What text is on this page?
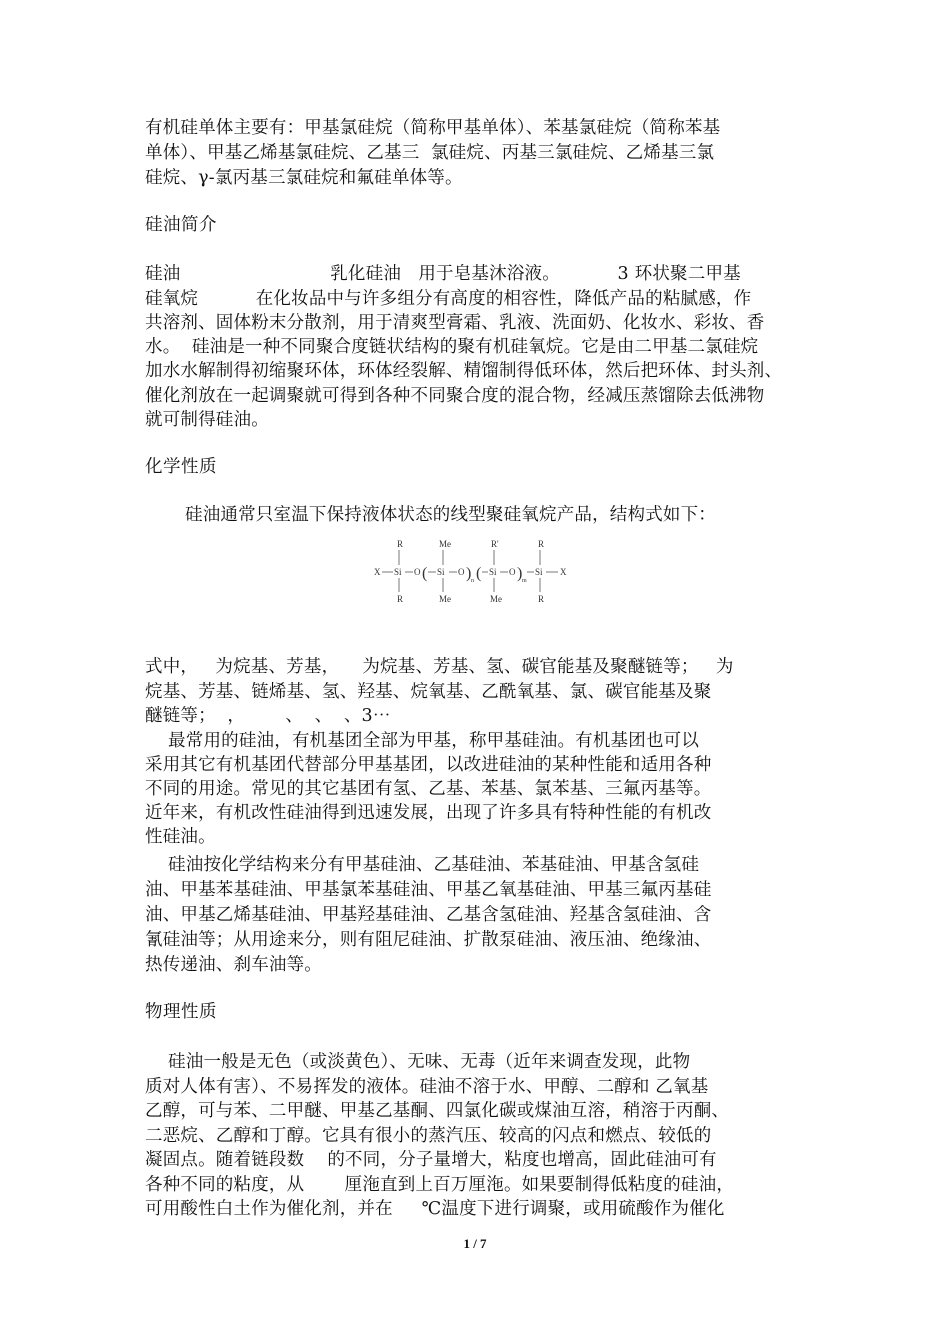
有机硅单体主要有：甲基氯硅烷（简称甲基单体）、苯基氯硅烷（简称苯基
单体）、甲基乙烯基氯硅烷、乙基三  氯硅烷、丙基三氯硅烷、乙烯基三氯
硅烷、γ-氯丙基三氯硅烷和氟硅单体等。
硅油简介
硅油                          乳化硅油   用于皂基沐浴液。          3 环状聚二甲基
硅氧烷          在化妆品中与许多组分有高度的相容性，降低产品的粘腻感，作
共溶剂、固体粉末分散剂，用于清爽型膏霜、乳液、洗面奶、化妆水、彩妆、香
水。  硅油是一种不同聚合度链状结构的聚有机硅氧烷。它是由二甲基二氯硅烷
加水水解制得初缩聚环体，环体经裂解、精馏制得低环体，然后把环体、封头剂、
催化剂放在一起调聚就可得到各种不同聚合度的混合物，经减压蒸馏除去低沸物
就可制得硅油。
化学性质
硅油通常只室温下保持液体状态的线型聚硅氧烷产品，结构式如下：
R	Me	R'	R
X Si O ( Si O ) n ( Si O ) m
Si X
R	Me	Me	R
式中，   为烷基、芳基，    为烷基、芳基、氢、碳官能基及聚醚链等；   为
烷基、芳基、链烯基、氢、羟基、烷氧基、乙酰氧基、氯、碳官能基及聚
醚链等；  ，       、  、  、3⋯
最常用的硅油，有机基团全部为甲基，称甲基硅油。有机基团也可以
采用其它有机基团代替部分甲基基团，以改进硅油的某种性能和适用各种
不同的用途。常见的其它基团有氢、乙基、苯基、氯苯基、三氟丙基等。
近年来，有机改性硅油得到迅速发展，出现了许多具有特种性能的有机改
性硅油。
硅油按化学结构来分有甲基硅油、乙基硅油、苯基硅油、甲基含氢硅
油、甲基苯基硅油、甲基氯苯基硅油、甲基乙氧基硅油、甲基三氟丙基硅
油、甲基乙烯基硅油、甲基羟基硅油、乙基含氢硅油、羟基含氢硅油、含
氰硅油等；从用途来分，则有阻尼硅油、扩散泵硅油、液压油、绝缘油、
热传递油、刹车油等。
物理性质
硅油一般是无色（或淡黄色）、无味、无毒（近年来调查发现，此物
质对人体有害）、不易挥发的液体。硅油不溶于水、甲醇、二醇和 乙氧基
乙醇，可与苯、二甲醚、甲基乙基酮、四氯化碳或煤油互溶，稍溶于丙酮、
二恶烷、乙醇和丁醇。它具有很小的蒸汽压、较高的闪点和燃点、较低的
凝固点。随着链段数    的不同，分子量增大，粘度也增高，固此硅油可有
各种不同的粘度，从       厘沲直到上百万厘沲。如果要制得低粘度的硅油，
可用酸性白土作为催化剂，并在     ℃温度下进行调聚，或用硫酸作为催化
1 / 7
